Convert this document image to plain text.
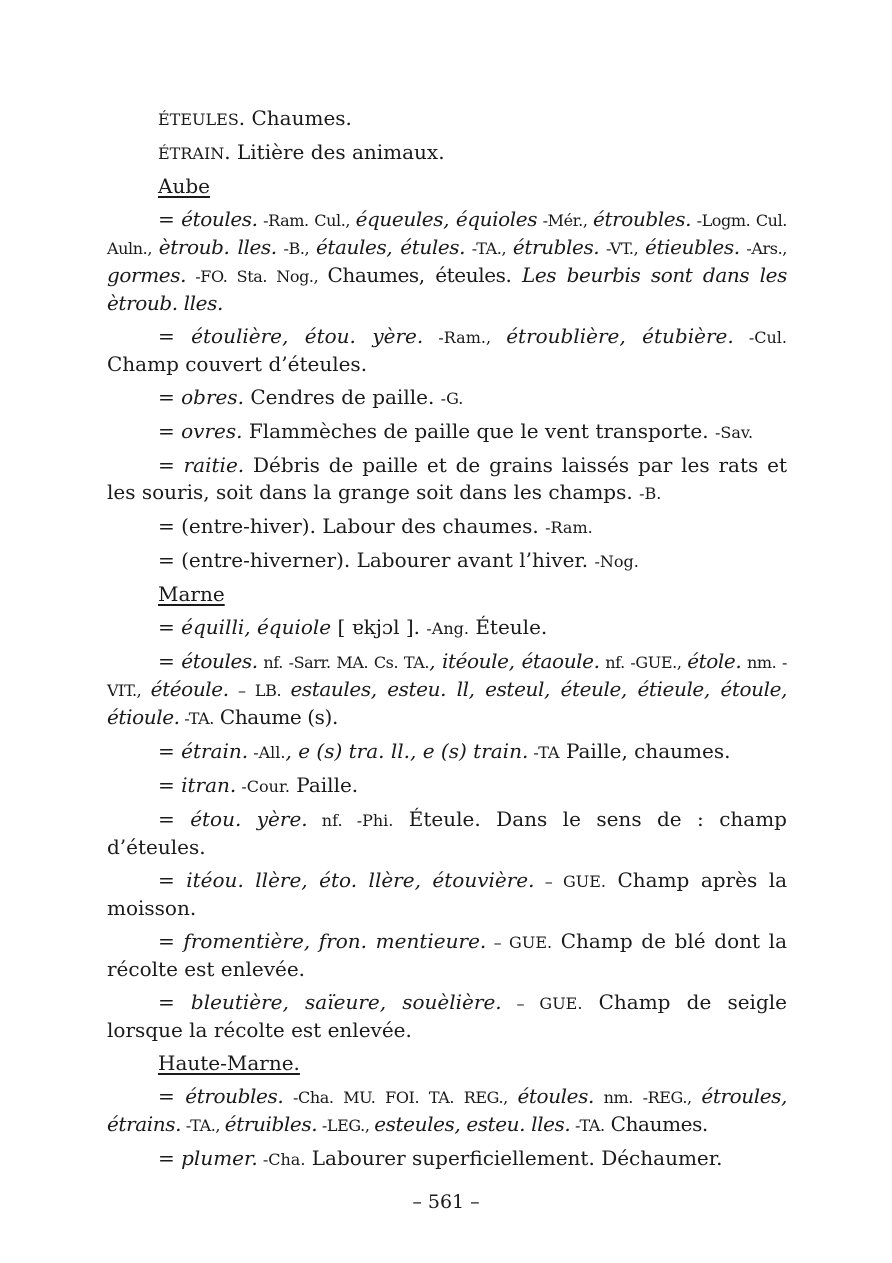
ÉTEULES. Chaumes.
ÉTRAIN. Litière des animaux.
Aube
= étoules. -Ram. Cul., équeules, équioles -Mér., étroubles. -Logm. Cul. Auln., ètroub. lles. -B., étaules, étules. -TA., étrubles. -VT., étieubles. -Ars., gormes. -FO. Sta. Nog., Chaumes, éteules. Les beurbis sont dans les ètroub. lles.
= étoulière, étou. yère. -Ram., étroublière, étubière. -Cul. Champ couvert d’éteules.
= obres. Cendres de paille. -G.
= ovres. Flammèches de paille que le vent transporte. -Sav.
= raitie. Débris de paille et de grains laissés par les rats et les souris, soit dans la grange soit dans les champs. -B.
= (entre-hiver). Labour des chaumes. -Ram.
= (entre-hiverner). Labourer avant l’hiver. -Nog.
Marne
= équilli, équiole [ ɐkjɔl ]. -Ang. Éteule.
= étoules. nf. -Sarr. MA. Cs. TA., itéoule, étaoule. nf. -GUE., étole. nm. -VIT., étéoule. – LB. estaules, esteu. ll, esteul, éteule, étieule, étoule, étioule. -TA. Chaume (s).
= étrain. -All., e (s) tra. ll., e (s) train. -TA Paille, chaumes.
= itran. -Cour. Paille.
= étou. yère. nf. -Phi. Éteule. Dans le sens de : champ d’éteules.
= itéou. llère, éto. llère, étouvière. – GUE. Champ après la moisson.
= fromentière, fron. mentieure. – GUE. Champ de blé dont la récolte est enlevée.
= bleutière, saïeure, souèlière. – GUE. Champ de seigle lorsque la récolte est enlevée.
Haute-Marne.
= étroubles. -Cha. MU. FOI. TA. REG., étoules. nm. -REG., étroules, étrains. -TA., étruibles. -LEG., esteules, esteu. lles. -TA. Chaumes.
= plumer. -Cha. Labourer superficiellement. Déchaumer.
– 561 –
